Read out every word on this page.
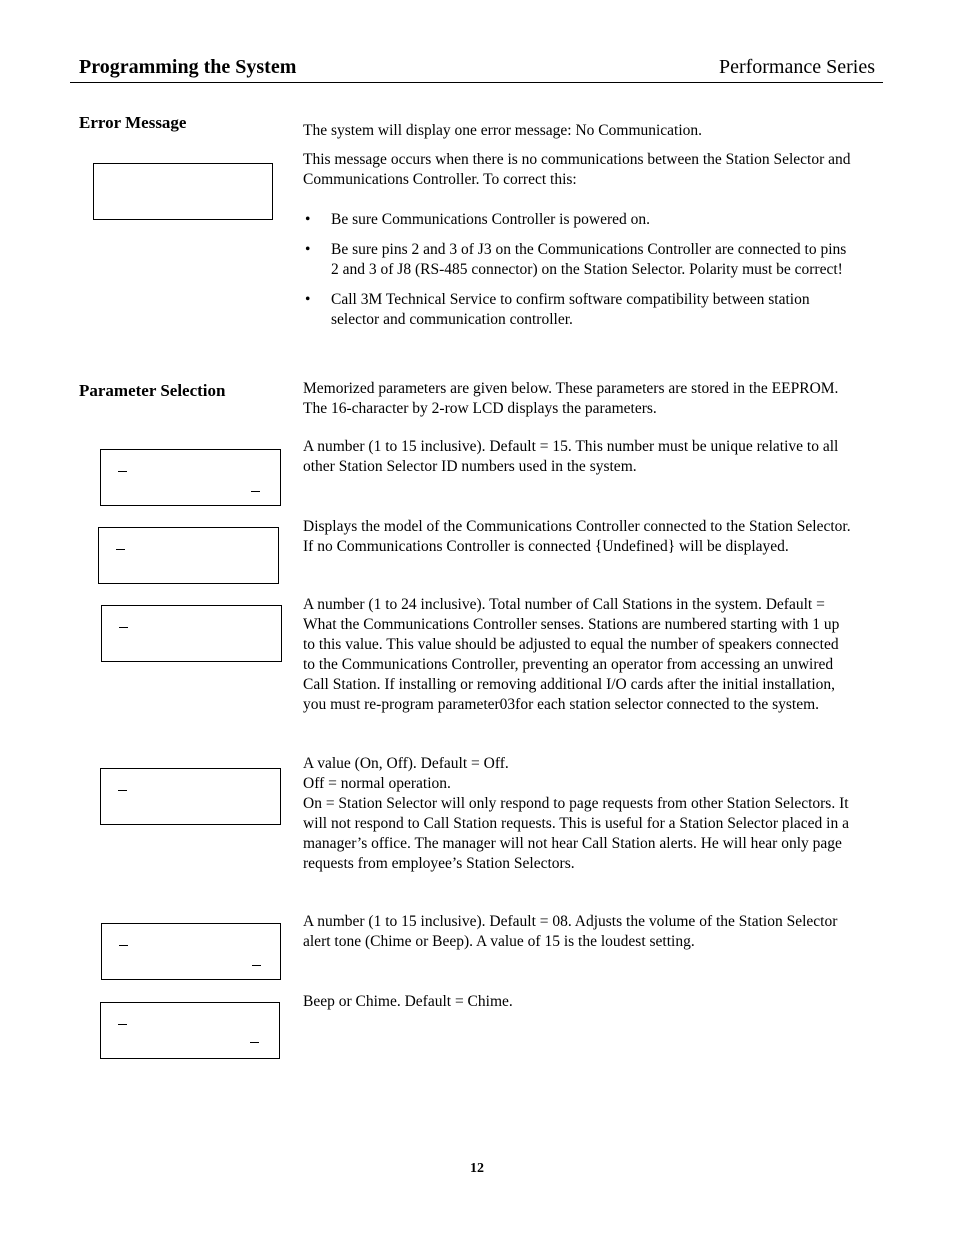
Programming the System	Performance Series
Error Message	The system will display one error message: No Communication.

This message occurs when there is no communications between the Station Selector and Communications Controller. To correct this:

• Be sure Communications Controller is powered on.
• Be sure pins 2 and 3 of J3 on the Communications Controller are connected to pins 2 and 3 of J8 (RS-485 connector) on the Station Selector. Polarity must be correct!
• Call 3M Technical Service to confirm software compatibility between station selector and communication controller.
Parameter Selection	Memorized parameters are given below. These parameters are stored in the EEPROM. The 16-character by 2-row LCD displays the parameters.

A number (1 to 15 inclusive). Default = 15. This number must be unique relative to all other Station Selector ID numbers used in the system.

Displays the model of the Communications Controller connected to the Station Selector. If no Communications Controller is connected {Undefined} will be displayed.

A number (1 to 24 inclusive). Total number of Call Stations in the system. Default = What the Communications Controller senses. Stations are numbered starting with 1 up to this value. This value should be adjusted to equal the number of speakers connected to the Communications Controller, preventing an operator from accessing an unwired Call Station. If installing or removing additional I/O cards after the initial installation, you must re-program parameter03for each station selector connected to the system.

A value (On, Off). Default = Off.

Off = normal operation.

On = Station Selector will only respond to page requests from other Station Selectors. It will not respond to Call Station requests. This is useful for a Station Selector placed in a manager’s office. The manager will not hear Call Station alerts. He will hear only page requests from employee’s Station Selectors.

A number (1 to 15 inclusive). Default = 08. Adjusts the volume of the Station Selector alert tone (Chime or Beep). A value of 15 is the loudest setting.

Beep or Chime. Default = Chime.

12
